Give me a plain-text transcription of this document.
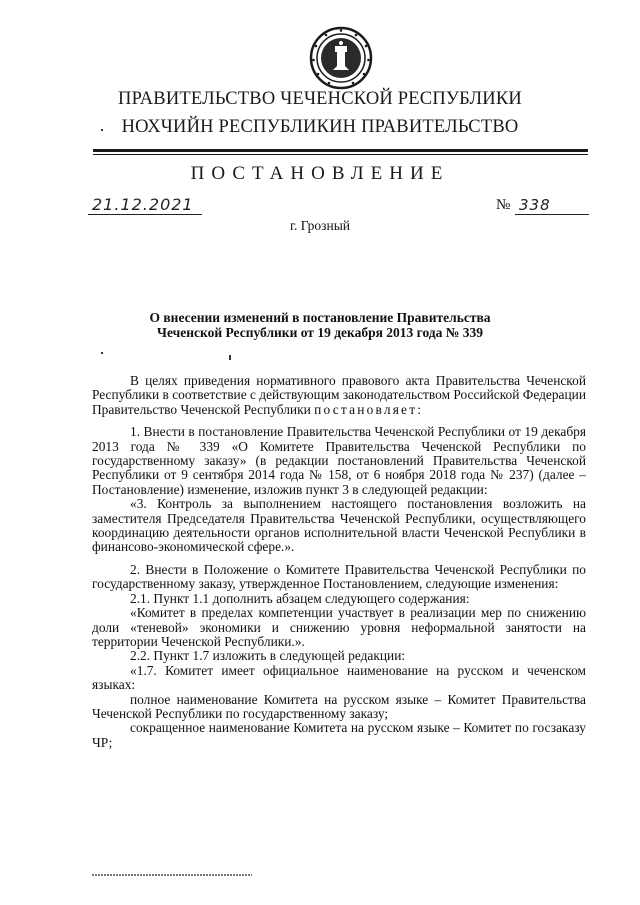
ПРАВИТЕЛЬСТВО ЧЕЧЕНСКОЙ РЕСПУБЛИКИ
НОХЧИЙН РЕСПУБЛИКИН ПРАВИТЕЛЬСТВО
ПОСТАНОВЛЕНИЕ
21.12.2021	№ 338
г. Грозный
О внесении изменений в постановление Правительства
Чеченской Республики от 19 декабря 2013 года № 339

В целях приведения нормативного правового акта Правительства Чеченской Республики в соответствие с действующим законодательством Российской Федерации Правительство Чеченской Республики постановляет:

1. Внести в постановление Правительства Чеченской Республики от 19 декабря 2013 года № 339 «О Комитете Правительства Чеченской Республики по государственному заказу» (в редакции постановлений Правительства Чеченской Республики от 9 сентября 2014 года № 158, от 6 ноября 2018 года № 237) (далее – Постановление) изменение, изложив пункт 3 в следующей редакции:

«3. Контроль за выполнением настоящего постановления возложить на заместителя Председателя Правительства Чеченской Республики, осуществляющего координацию деятельности органов исполнительной власти Чеченской Республики в финансово-экономической сфере.».

2. Внести в Положение о Комитете Правительства Чеченской Республики по государственному заказу, утвержденное Постановлением, следующие изменения:

2.1. Пункт 1.1 дополнить абзацем следующего содержания:

«Комитет в пределах компетенции участвует в реализации мер по снижению доли «теневой» экономики и снижению уровня неформальной занятости на территории Чеченской Республики.».

2.2. Пункт 1.7 изложить в следующей редакции:

«1.7. Комитет имеет официальное наименование на русском и чеченском языках:

полное наименование Комитета на русском языке – Комитет Правительства Чеченской Республики по государственному заказу;

сокращенное наименование Комитета на русском языке – Комитет по госзаказу ЧР;
